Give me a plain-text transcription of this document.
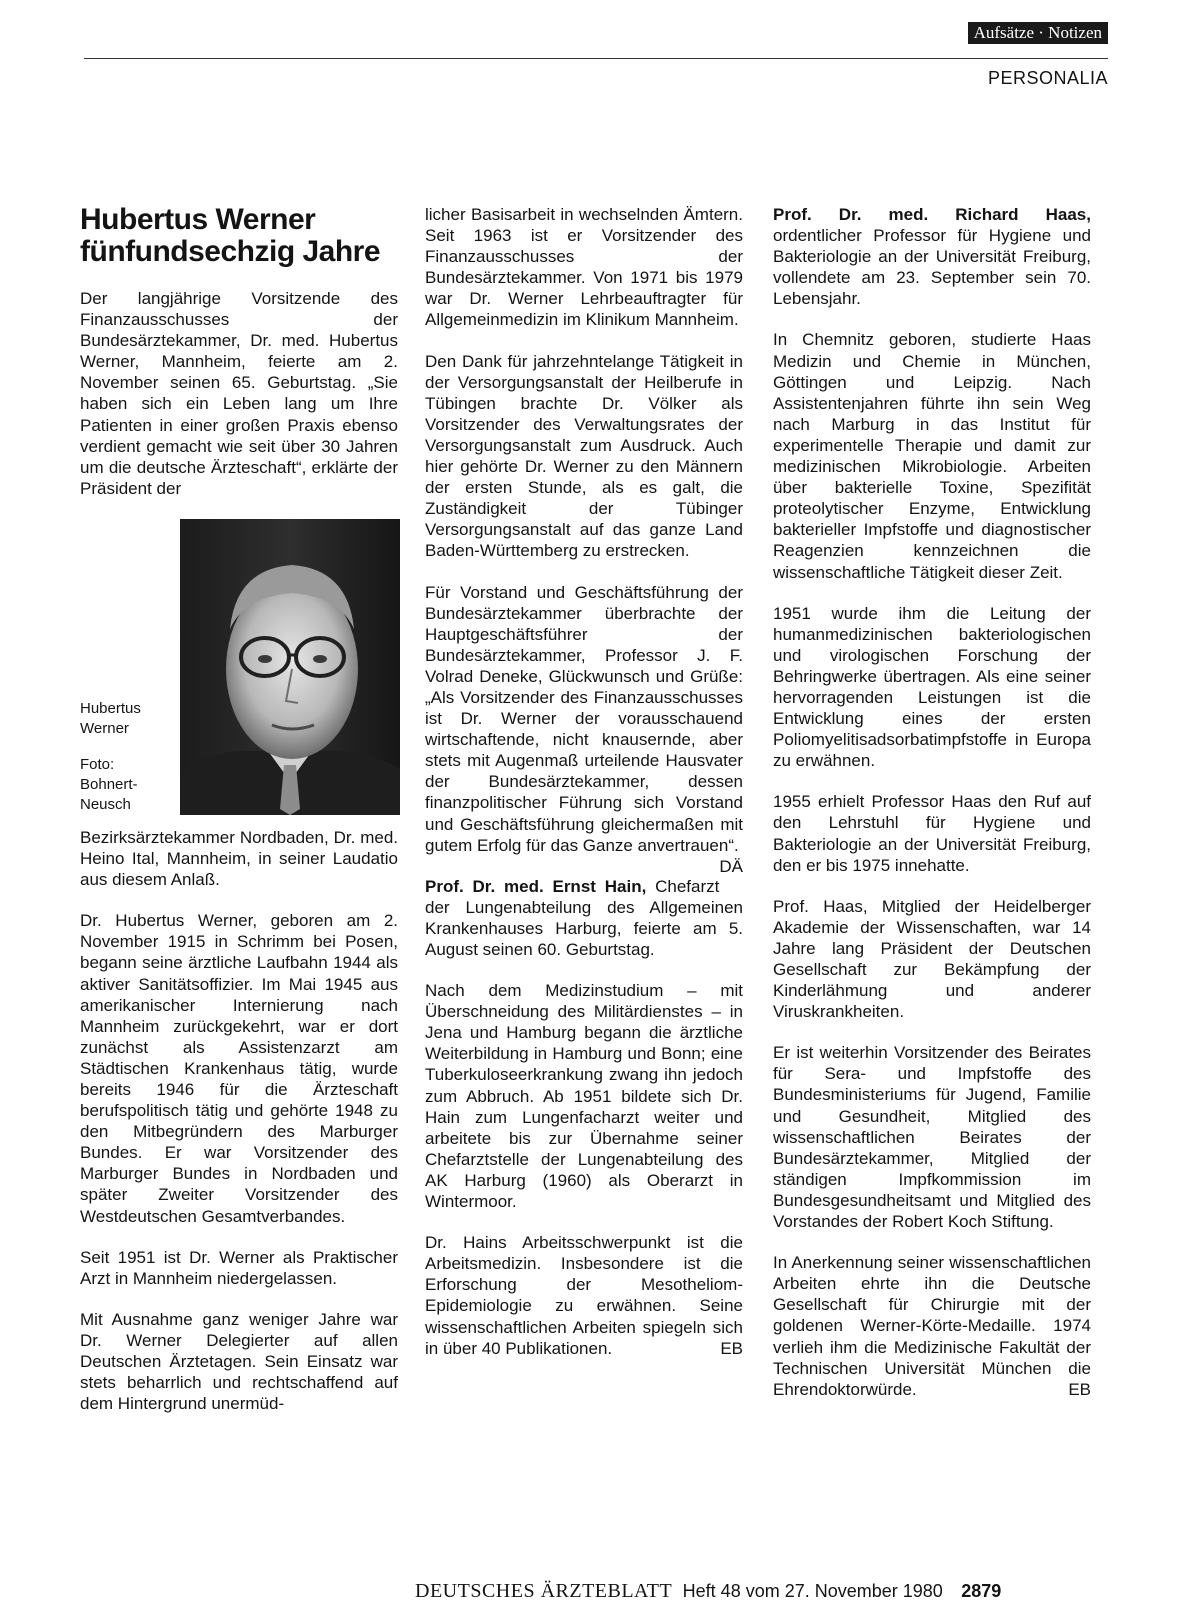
Aufsätze · Notizen
PERSONALIA
Hubertus Werner
fünfundsechzig Jahre

Der langjährige Vorsitzende des Finanzausschusses der Bundesärztekammer, Dr. med. Hubertus Werner, Mannheim, feierte am 2. November seinen 65. Geburtstag. „Sie haben sich ein Leben lang um Ihre Patienten in einer großen Praxis ebenso verdient gemacht wie seit über 30 Jahren um die deutsche Ärzteschaft“, erklärte der Präsident der

Hubertus Werner
Foto: Bohnert-Neusch

Bezirksärztekammer Nordbaden, Dr. med. Heino Ital, Mannheim, in seiner Laudatio aus diesem Anlaß.

Dr. Hubertus Werner, geboren am 2. November 1915 in Schrimm bei Posen, begann seine ärztliche Laufbahn 1944 als aktiver Sanitätsoffizier. Im Mai 1945 aus amerikanischer Internierung nach Mannheim zurückgekehrt, war er dort zunächst als Assistenzarzt am Städtischen Krankenhaus tätig, wurde bereits 1946 für die Ärzteschaft berufspolitisch tätig und gehörte 1948 zu den Mitbegründern des Marburger Bundes. Er war Vorsitzender des Marburger Bundes in Nordbaden und später Zweiter Vorsitzender des Westdeutschen Gesamtverbandes.

Seit 1951 ist Dr. Werner als Praktischer Arzt in Mannheim niedergelassen.

Mit Ausnahme ganz weniger Jahre war Dr. Werner Delegierter auf allen Deutschen Ärztetagen. Sein Einsatz war stets beharrlich und rechtschaffend auf dem Hintergrund unermüd-

licher Basisarbeit in wechselnden Ämtern. Seit 1963 ist er Vorsitzender des Finanzausschusses der Bundesärztekammer. Von 1971 bis 1979 war Dr. Werner Lehrbeauftragter für Allgemeinmedizin im Klinikum Mannheim.

Den Dank für jahrzehntelange Tätigkeit in der Versorgungsanstalt der Heilberufe in Tübingen brachte Dr. Völker als Vorsitzender des Verwaltungsrates der Versorgungsanstalt zum Ausdruck. Auch hier gehörte Dr. Werner zu den Männern der ersten Stunde, als es galt, die Zuständigkeit der Tübinger Versorgungsanstalt auf das ganze Land Baden-Württemberg zu erstrecken.

Für Vorstand und Geschäftsführung der Bundesärztekammer überbrachte der Hauptgeschäftsführer der Bundesärztekammer, Professor J. F. Volrad Deneke, Glückwunsch und Grüße: „Als Vorsitzender des Finanzausschusses ist Dr. Werner der vorausschauend wirtschaftende, nicht knausernde, aber stets mit Augenmaß urteilende Hausvater der Bundesärztekammer, dessen finanzpolitischer Führung sich Vorstand und Geschäftsführung gleichermaßen mit gutem Erfolg für das Ganze anvertrauen“.
DÄ

Prof. Dr. med. Ernst Hain, Chefarzt der Lungenabteilung des Allgemeinen Krankenhauses Harburg, feierte am 5. August seinen 60. Geburtstag.

Nach dem Medizinstudium – mit Überschneidung des Militärdienstes – in Jena und Hamburg begann die ärztliche Weiterbildung in Hamburg und Bonn; eine Tuberkuloseerkrankung zwang ihn jedoch zum Abbruch. Ab 1951 bildete sich Dr. Hain zum Lungenfacharzt weiter und arbeitete bis zur Übernahme seiner Chefarztstelle der Lungenabteilung des AK Harburg (1960) als Oberarzt in Wintermoor.

Dr. Hains Arbeitsschwerpunkt ist die Arbeitsmedizin. Insbesondere ist die Erforschung der Mesotheliom-Epidemiologie zu erwähnen. Seine wissenschaftlichen Arbeiten spiegeln sich in über 40 Publikationen.	EB

Prof. Dr. med. Richard Haas, ordentlicher Professor für Hygiene und Bakteriologie an der Universität Freiburg, vollendete am 23. September sein 70. Lebensjahr.

In Chemnitz geboren, studierte Haas Medizin und Chemie in München, Göttingen und Leipzig. Nach Assistentenjahren führte ihn sein Weg nach Marburg in das Institut für experimentelle Therapie und damit zur medizinischen Mikrobiologie. Arbeiten über bakterielle Toxine, Spezifität proteolytischer Enzyme, Entwicklung bakterieller Impfstoffe und diagnostischer Reagenzien kennzeichnen die wissenschaftliche Tätigkeit dieser Zeit.

1951 wurde ihm die Leitung der humanmedizinischen bakteriologischen und virologischen Forschung der Behringwerke übertragen. Als eine seiner hervorragenden Leistungen ist die Entwicklung eines der ersten Poliomyelitisadsorbatimpfstoffe in Europa zu erwähnen.

1955 erhielt Professor Haas den Ruf auf den Lehrstuhl für Hygiene und Bakteriologie an der Universität Freiburg, den er bis 1975 innehatte.

Prof. Haas, Mitglied der Heidelberger Akademie der Wissenschaften, war 14 Jahre lang Präsident der Deutschen Gesellschaft zur Bekämpfung der Kinderlähmung und anderer Viruskrankheiten.

Er ist weiterhin Vorsitzender des Beirates für Sera- und Impfstoffe des Bundesministeriums für Jugend, Familie und Gesundheit, Mitglied des wissenschaftlichen Beirates der Bundesärztekammer, Mitglied der ständigen Impfkommission im Bundesgesundheitsamt und Mitglied des Vorstandes der Robert Koch Stiftung.

In Anerkennung seiner wissenschaftlichen Arbeiten ehrte ihn die Deutsche Gesellschaft für Chirurgie mit der goldenen Werner-Körte-Medaille. 1974 verlieh ihm die Medizinische Fakultät der Technischen Universität München die Ehrendoktorwürde.	EB

DEUTSCHES ÄRZTEBLATT Heft 48 vom 27. November 1980 2879
